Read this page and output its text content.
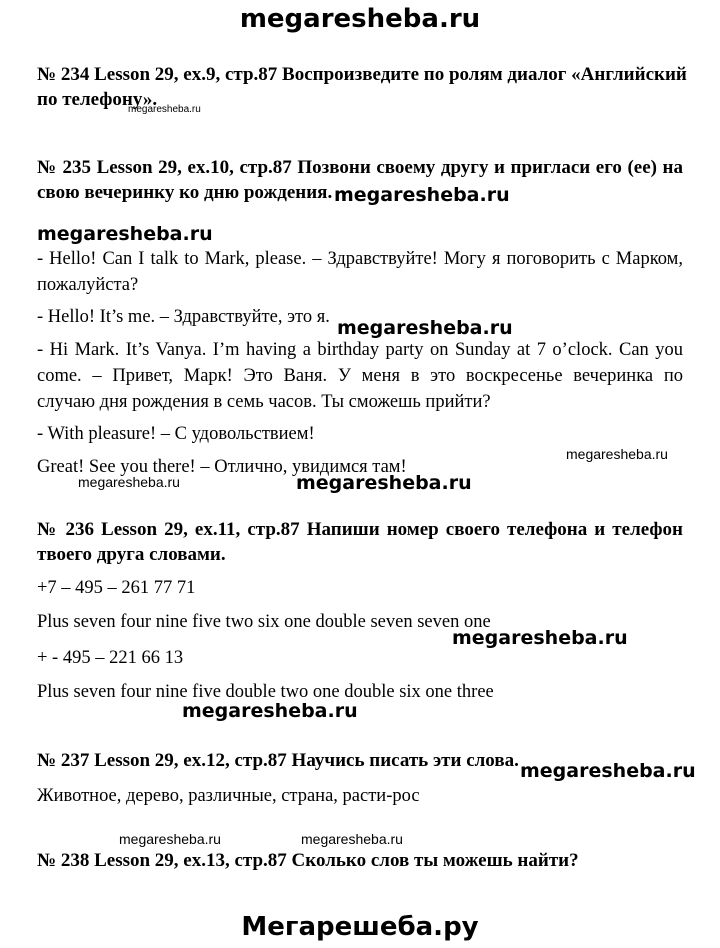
megaresheba.ru
№ 234 Lesson 29, ex.9, стр.87 Воспроизведите по ролям диалог «Английский
по телефону».
megaresheba.ru
№ 235 Lesson 29, ex.10, стр.87 Позвони своему другу и пригласи его (ее) на
свою вечеринку ко дню рождения. megaresheba.ru
megaresheba.ru
- Hello! Can I talk to Mark, please. – Здравствуйте! Могу я поговорить с Марком,
пожалуйста?
- Hello! It’s me. – Здравствуйте, это я.
- Hi Mark. It’s Vanya. I’m having a birthday party on Sunday at 7 o’clock. Can you
come. – Привет, Марк! Это Ваня. У меня в это воскресенье вечеринка по
случаю дня рождения в семь часов. Ты сможешь прийти?
- With pleasure! – С удовольствием!
Great! See you there! – Отлично, увидимся там!
megaresheba.ru
megaresheba.ru
megaresheba.ru	megaresheba.ru
№ 236 Lesson 29, ex.11, стр.87 Напиши номер своего телефона и телефон
твоего друга словами.
+7 – 495 – 261 77 71
Plus seven four nine five two six one double seven seven one
+ - 495 – 221 66 13
Plus seven four nine five double two one double six one three
megaresheba.ru
megaresheba.ru
№ 237 Lesson 29, ex.12, стр.87 Научись писать эти слова.
Животное, дерево, различные, страна, расти-рос
megaresheba.ru
megaresheba.ru	megaresheba.ru
№ 238 Lesson 29, ex.13, стр.87 Сколько слов ты можешь найти?
Мегарешеба.ру
